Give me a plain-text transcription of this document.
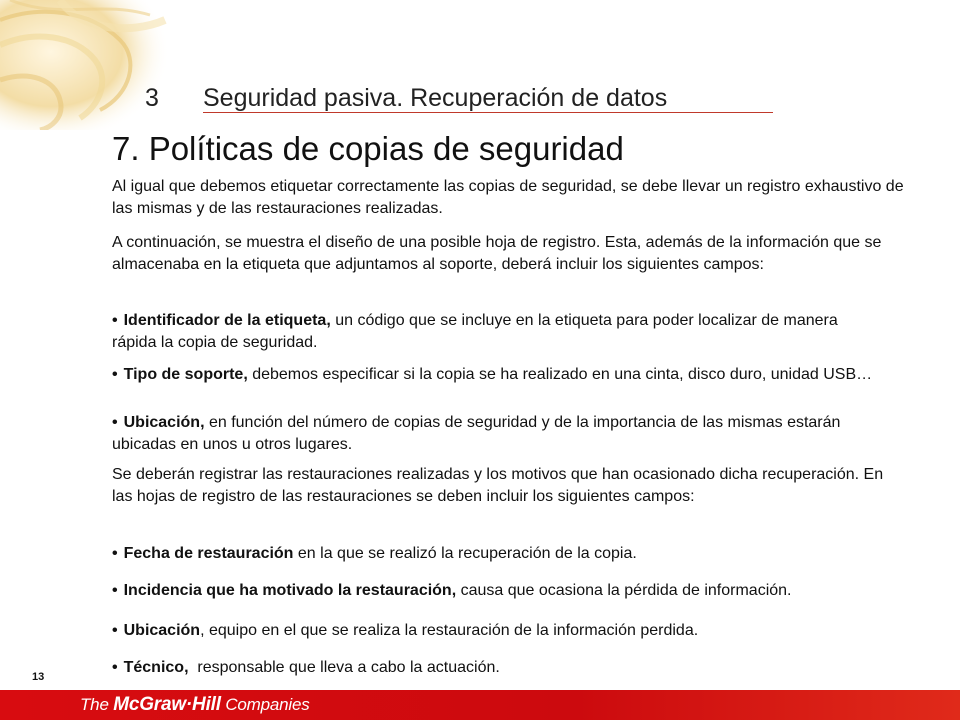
3 Seguridad pasiva. Recuperación de datos
7. Políticas de copias de seguridad

Al igual que debemos etiquetar correctamente las copias de seguridad, se debe llevar un registro exhaustivo de las mismas y de las restauraciones realizadas.

A continuación, se muestra el diseño de una posible hoja de registro. Esta, además de la información que se almacenaba en la etiqueta que adjuntamos al soporte, deberá incluir los siguientes campos:

• Identificador de la etiqueta, un código que se incluye en la etiqueta para poder localizar de manera rápida la copia de seguridad.

• Tipo de soporte, debemos especificar si la copia se ha realizado en una cinta, disco duro, unidad USB…

• Ubicación, en función del número de copias de seguridad y de la importancia de las mismas estarán ubicadas en unos u otros lugares.

Se deberán registrar las restauraciones realizadas y los motivos que han ocasionado dicha recuperación. En las hojas de registro de las restauraciones se deben incluir los siguientes campos:

• Fecha de restauración en la que se realizó la recuperación de la copia.

• Incidencia que ha motivado la restauración, causa que ocasiona la pérdida de información.

• Ubicación, equipo en el que se realiza la restauración de la información perdida.

• Técnico,  responsable que lleva a cabo la actuación.

13
The McGraw·Hill Companies
